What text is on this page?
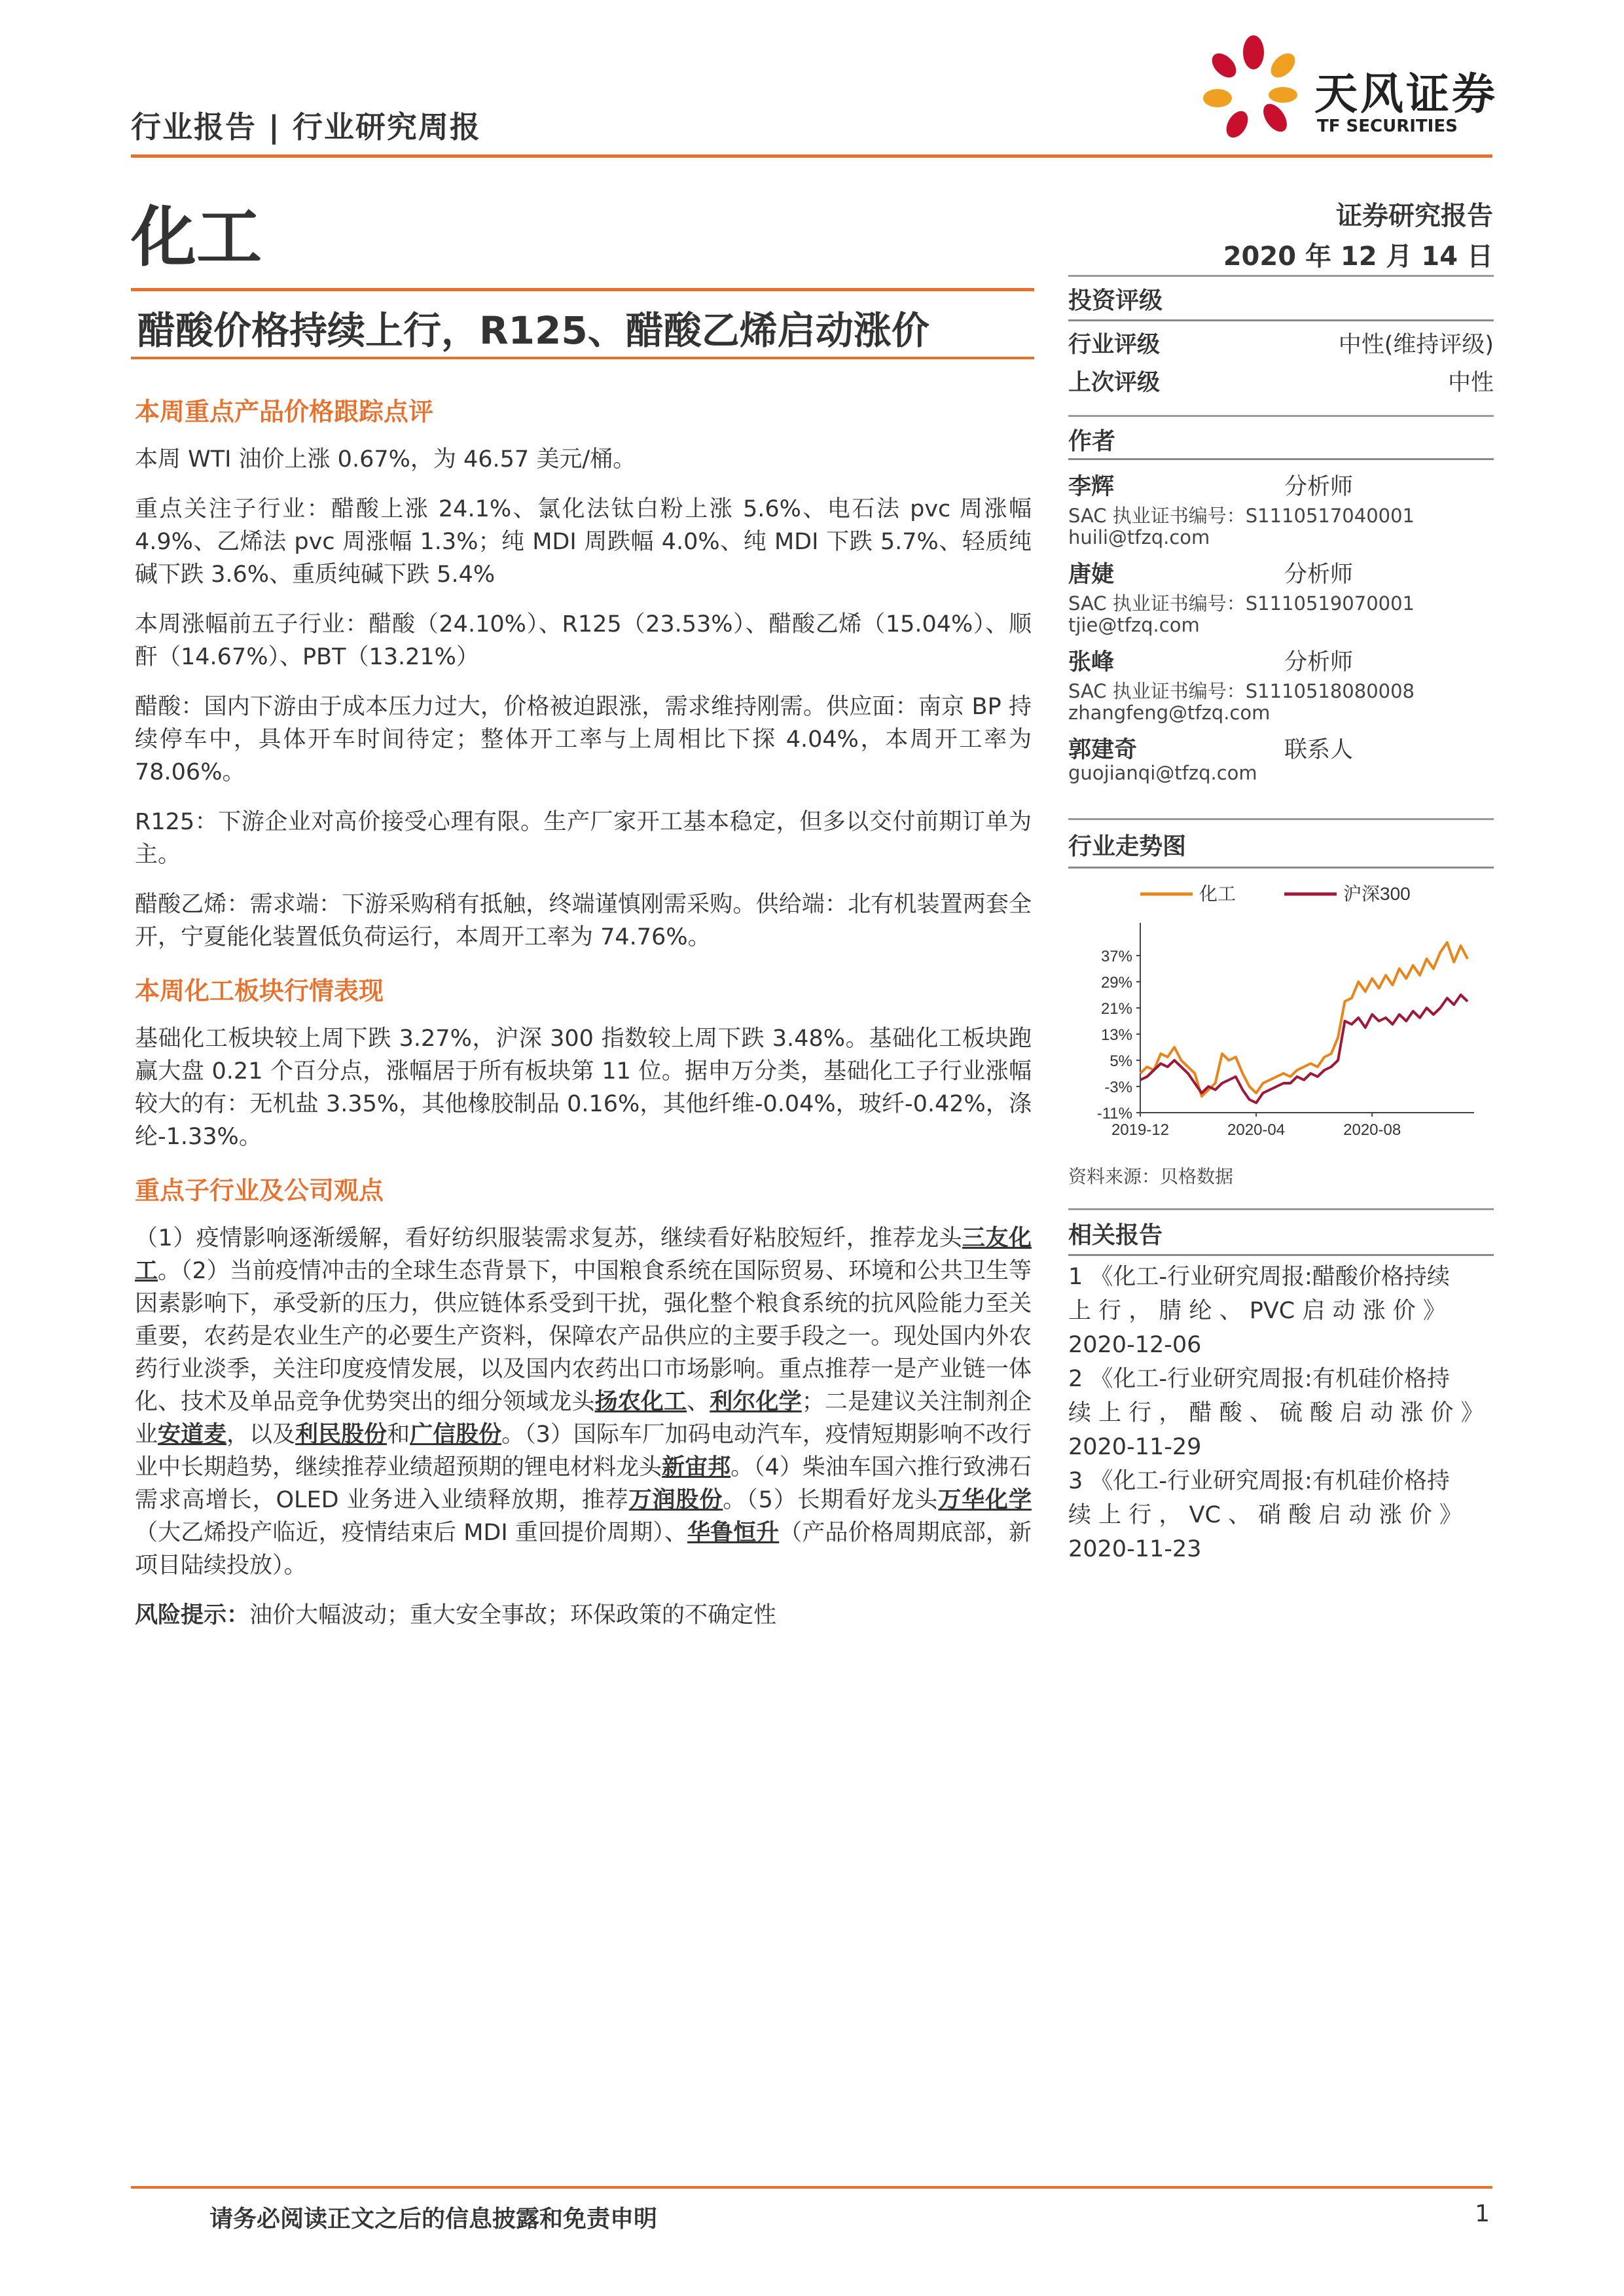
行业报告 | 行业研究周报
天风证券
TF SECURITIES
化工	证券研究报告
2020 年 12 月 14 日
醋酸价格持续上行，R125、醋酸乙烯启动涨价
本周重点产品价格跟踪点评

本周 WTI 油价上涨 0.67%，为 46.57 美元/桶。

重点关注子行业：醋酸上涨 24.1%、氯化法钛白粉上涨 5.6%、电石法 pvc 周涨幅 4.9%、乙烯法 pvc 周涨幅 1.3%；纯 MDI 周跌幅 4.0%、纯 MDI 下跌 5.7%、轻质纯碱下跌 3.6%、重质纯碱下跌 5.4%

本周涨幅前五子行业：醋酸（24.10%）、R125（23.53%）、醋酸乙烯（15.04%）、顺酐（14.67%）、PBT（13.21%）

醋酸：国内下游由于成本压力过大，价格被迫跟涨，需求维持刚需。供应面：南京 BP 持续停车中，具体开车时间待定；整体开工率与上周相比下探 4.04%，本周开工率为 78.06%。

R125：下游企业对高价接受心理有限。生产厂家开工基本稳定，但多以交付前期订单为主。

醋酸乙烯：需求端：下游采购稍有抵触，终端谨慎刚需采购。供给端：北有机装置两套全开，宁夏能化装置低负荷运行，本周开工率为 74.76%。

本周化工板块行情表现

基础化工板块较上周下跌 3.27%，沪深 300 指数较上周下跌 3.48%。基础化工板块跑赢大盘 0.21 个百分点，涨幅居于所有板块第 11 位。据申万分类，基础化工子行业涨幅较大的有：无机盐 3.35%，其他橡胶制品 0.16%，其他纤维-0.04%，玻纤-0.42%，涤纶-1.33%。

重点子行业及公司观点

（1）疫情影响逐渐缓解，看好纺织服装需求复苏，继续看好粘胶短纤，推荐龙头三友化工。（2）当前疫情冲击的全球生态背景下，中国粮食系统在国际贸易、环境和公共卫生等因素影响下，承受新的压力，供应链体系受到干扰，强化整个粮食系统的抗风险能力至关重要，农药是农业生产的必要生产资料，保障农产品供应的主要手段之一。现处国内外农药行业淡季，关注印度疫情发展，以及国内农药出口市场影响。重点推荐一是产业链一体化、技术及单品竞争优势突出的细分领域龙头扬农化工、利尔化学；二是建议关注制剂企业安道麦，以及利民股份和广信股份。（3）国际车厂加码电动汽车，疫情短期影响不改行业中长期趋势，继续推荐业绩超预期的锂电材料龙头新宙邦。（4）柴油车国六推行致沸石需求高增长，OLED 业务进入业绩释放期，推荐万润股份。（5）长期看好龙头万华化学（大乙烯投产临近，疫情结束后 MDI 重回提价周期）、华鲁恒升（产品价格周期底部，新项目陆续投放）。

风险提示：油价大幅波动；重大安全事故；环保政策的不确定性

投资评级
行业评级	中性(维持评级)
上次评级	中性
作者
李辉	分析师
SAC 执业证书编号：S1110517040001
huili@tfzq.com
唐婕	分析师
SAC 执业证书编号：S1110519070001
tjie@tfzq.com
张峰	分析师
SAC 执业证书编号：S1110518080008
zhangfeng@tfzq.com
郭建奇	联系人
guojianqi@tfzq.com
行业走势图
37%
29%
21%
13%
5%
-3%
-11%
2019-12	2020-04	2020-08
化工	沪深300
资料来源：贝格数据
相关报告
1 《化工-行业研究周报:醋酸价格持续
上 行 ， 腈 纶 、 PVC 启 动 涨 价 》
2020-12-06
2 《化工-行业研究周报:有机硅价格持
续 上 行 ， 醋 酸 、 硫 酸 启 动 涨 价 》
2020-11-29
3 《化工-行业研究周报:有机硅价格持
续 上 行 ， VC 、 硝 酸 启 动 涨 价 》
2020-11-23
请务必阅读正文之后的信息披露和免责申明	1
